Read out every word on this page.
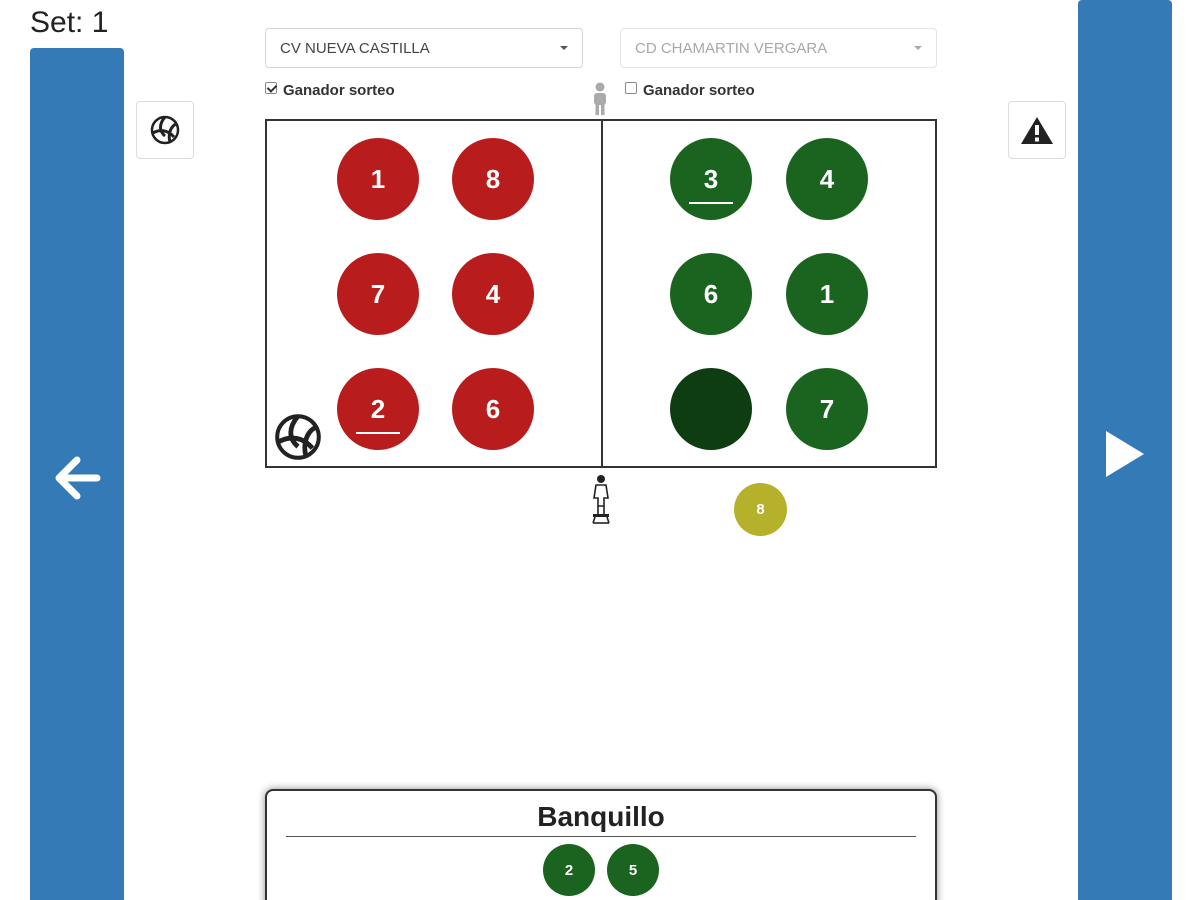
Set: 1
CV NUEVA CASTILLA	CD CHAMARTIN VERGARA
Ganador sorteo	Ganador sorteo
1	8
7	4
2	6
3	4
6	1
7
8
Banquillo
2	5
